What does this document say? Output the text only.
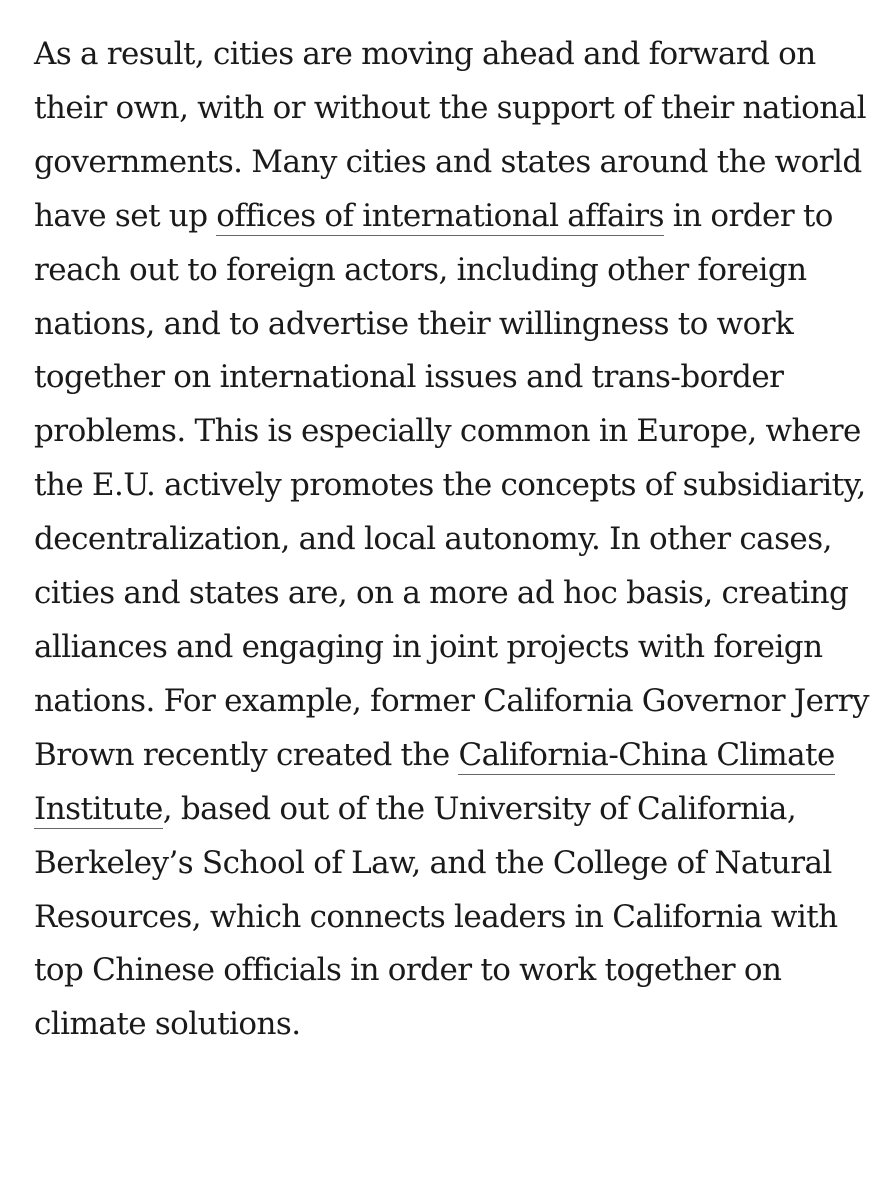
As a result, cities are moving ahead and forward on their own, with or without the support of their national governments. Many cities and states around the world have set up offices of international affairs in order to reach out to foreign actors, including other foreign nations, and to advertise their willingness to work together on international issues and trans-border problems. This is especially common in Europe, where the E.U. actively promotes the concepts of subsidiarity, decentralization, and local autonomy. In other cases, cities and states are, on a more ad hoc basis, creating alliances and engaging in joint projects with foreign nations. For example, former California Governor Jerry Brown recently created the California-China Climate Institute, based out of the University of California, Berkeley’s School of Law, and the College of Natural Resources, which connects leaders in California with top Chinese officials in order to work together on climate solutions.
